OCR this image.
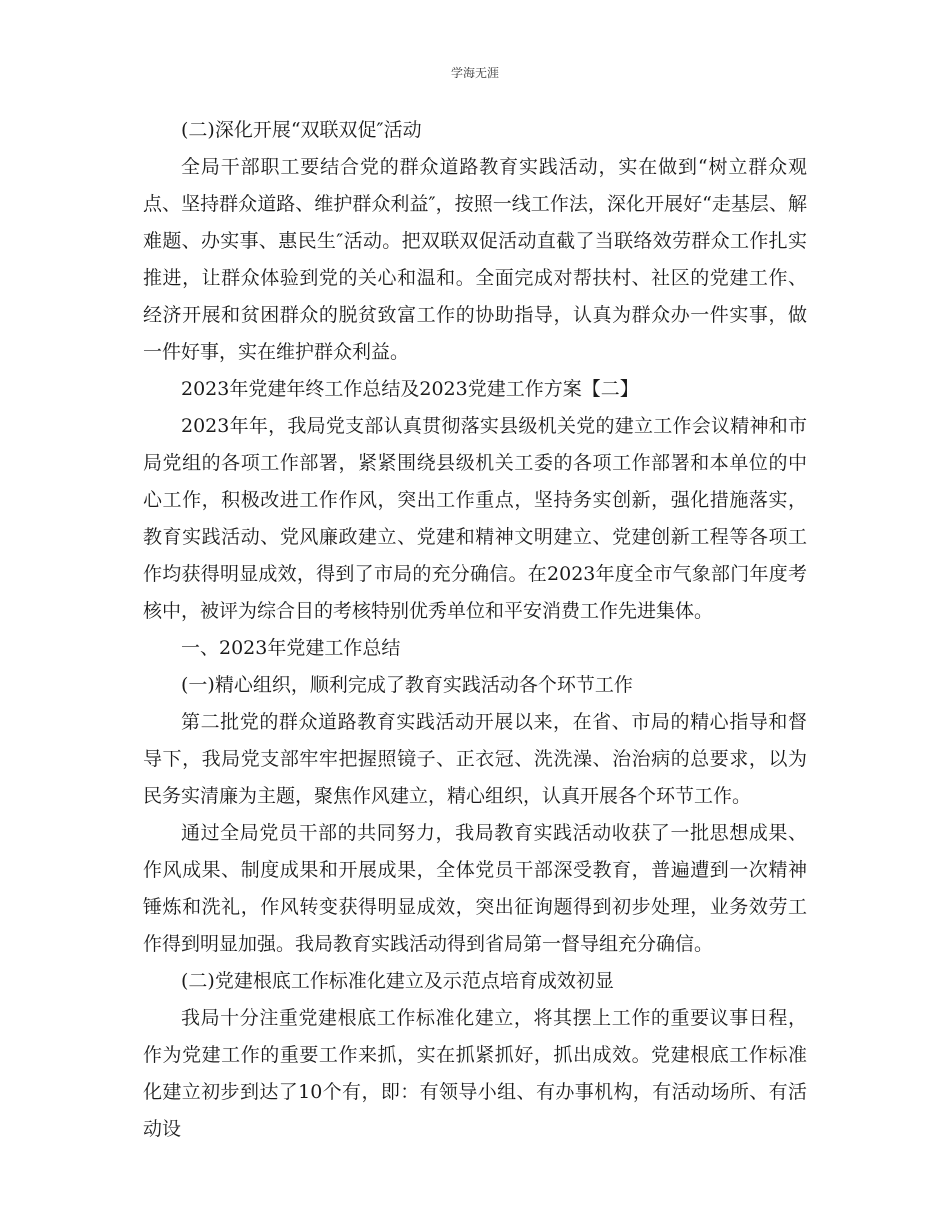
学海无涯

(二)深化开展“双联双促″活动

全局干部职工要结合党的群众道路教育实践活动，实在做到“树立群众观点、坚持群众道路、维护群众利益″，按照一线工作法，深化开展好“走基层、解难题、办实事、惠民生″活动。把双联双促活动直截了当联络效劳群众工作扎实推进，让群众体验到党的关心和温和。全面完成对帮扶村、社区的党建工作、经济开展和贫困群众的脱贫致富工作的协助指导，认真为群众办一件实事，做一件好事，实在维护群众利益。

2023年党建年终工作总结及2023党建工作方案【二】

2023年年，我局党支部认真贯彻落实县级机关党的建立工作会议精神和市局党组的各项工作部署，紧紧围绕县级机关工委的各项工作部署和本单位的中心工作，积极改进工作作风，突出工作重点，坚持务实创新，强化措施落实，教育实践活动、党风廉政建立、党建和精神文明建立、党建创新工程等各项工作均获得明显成效，得到了市局的充分确信。在2023年度全市气象部门年度考核中，被评为综合目的考核特别优秀单位和平安消费工作先进集体。

一、2023年党建工作总结

(一)精心组织，顺利完成了教育实践活动各个环节工作

第二批党的群众道路教育实践活动开展以来，在省、市局的精心指导和督导下，我局党支部牢牢把握照镜子、正衣冠、洗洗澡、治治病的总要求，以为民务实清廉为主题，聚焦作风建立，精心组织，认真开展各个环节工作。

通过全局党员干部的共同努力，我局教育实践活动收获了一批思想成果、作风成果、制度成果和开展成果，全体党员干部深受教育，普遍遭到一次精神锤炼和洗礼，作风转变获得明显成效，突出征询题得到初步处理，业务效劳工作得到明显加强。我局教育实践活动得到省局第一督导组充分确信。

(二)党建根底工作标准化建立及示范点培育成效初显

我局十分注重党建根底工作标准化建立，将其摆上工作的重要议事日程，作为党建工作的重要工作来抓，实在抓紧抓好，抓出成效。党建根底工作标准化建立初步到达了10个有，即：有领导小组、有办事机构，有活动场所、有活动设
